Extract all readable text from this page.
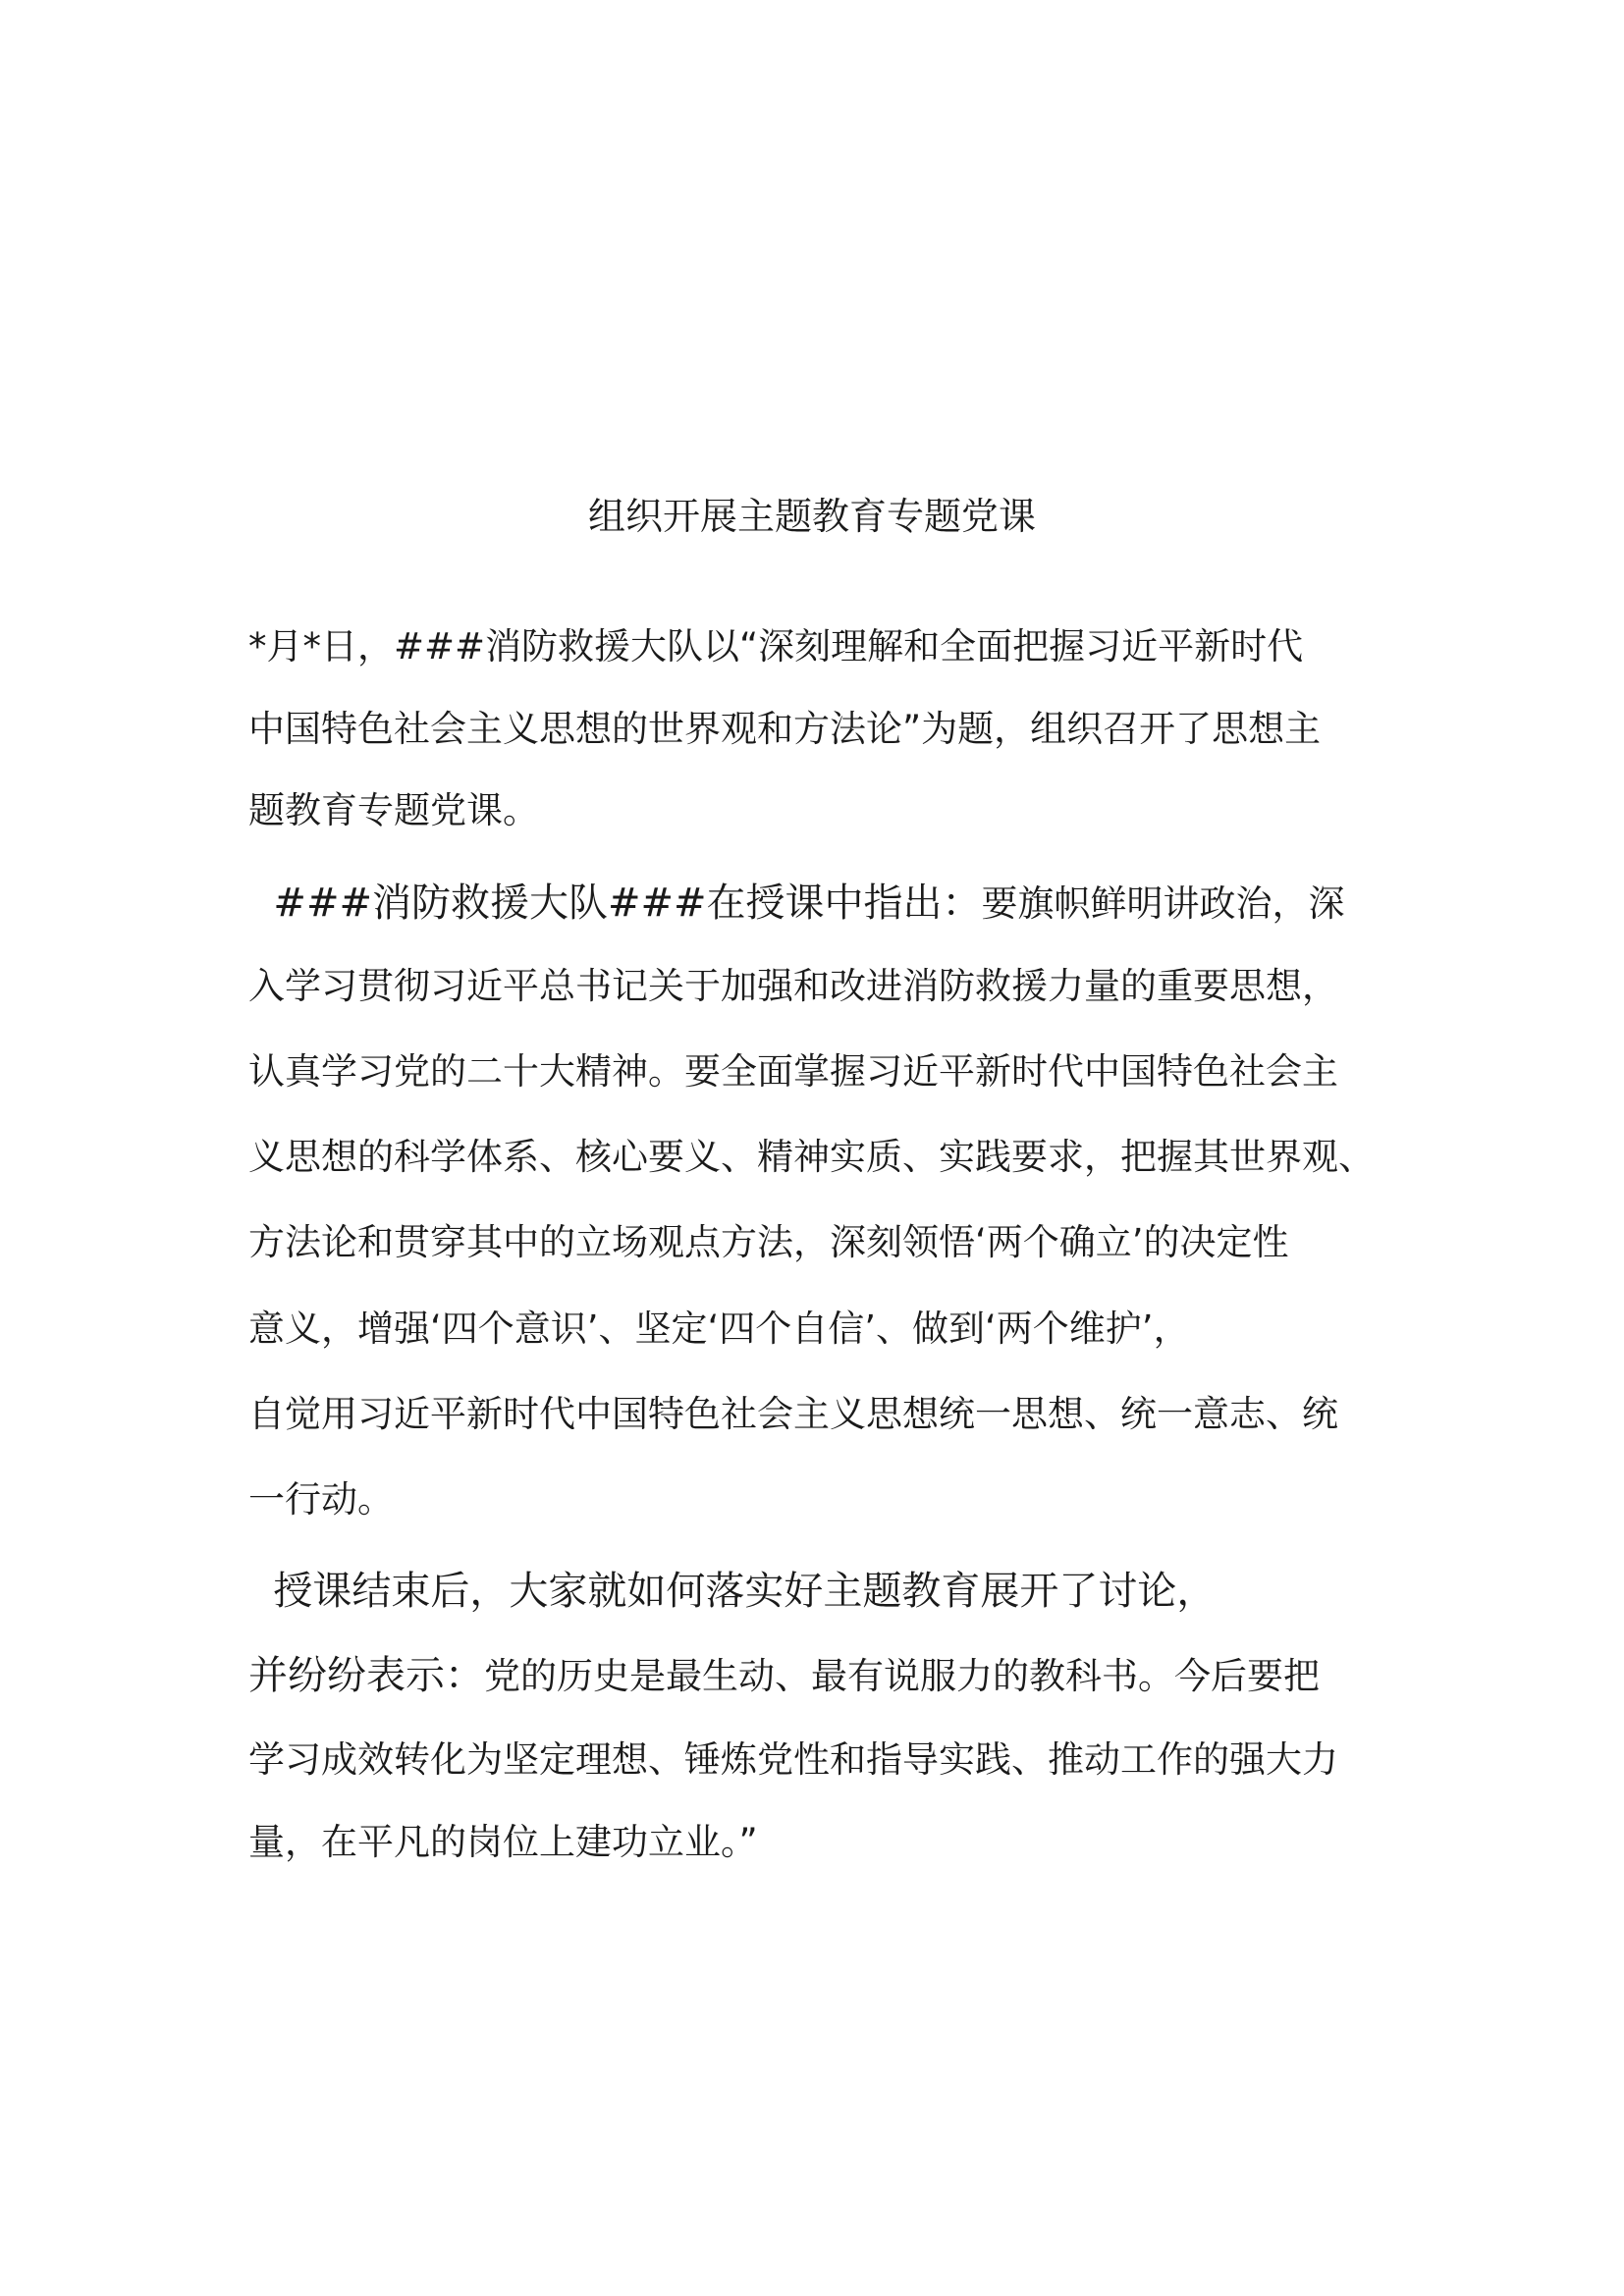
组织开展主题教育专题党课
*月*日，###消防救援大队以“深刻理解和全面把握习近平新时代
中国特色社会主义思想的世界观和方法论”为题，组织召开了思想主
题教育专题党课。
###消防救援大队###在授课中指出：要旗帜鲜明讲政治，深
入学习贯彻习近平总书记关于加强和改进消防救援力量的重要思想，
认真学习党的二十大精神。要全面掌握习近平新时代中国特色社会主
义思想的科学体系、核心要义、精神实质、实践要求，把握其世界观、
方法论和贯穿其中的立场观点方法，深刻领悟‘两个确立’的决定性
意义，增强‘四个意识’、坚定‘四个自信’、做到‘两个维护’，
自觉用习近平新时代中国特色社会主义思想统一思想、统一意志、统
一行动。
授课结束后，大家就如何落实好主题教育展开了讨论，
并纷纷表示：党的历史是最生动、最有说服力的教科书。今后要把
学习成效转化为坚定理想、锤炼党性和指导实践、推动工作的强大力
量，在平凡的岗位上建功立业。”
